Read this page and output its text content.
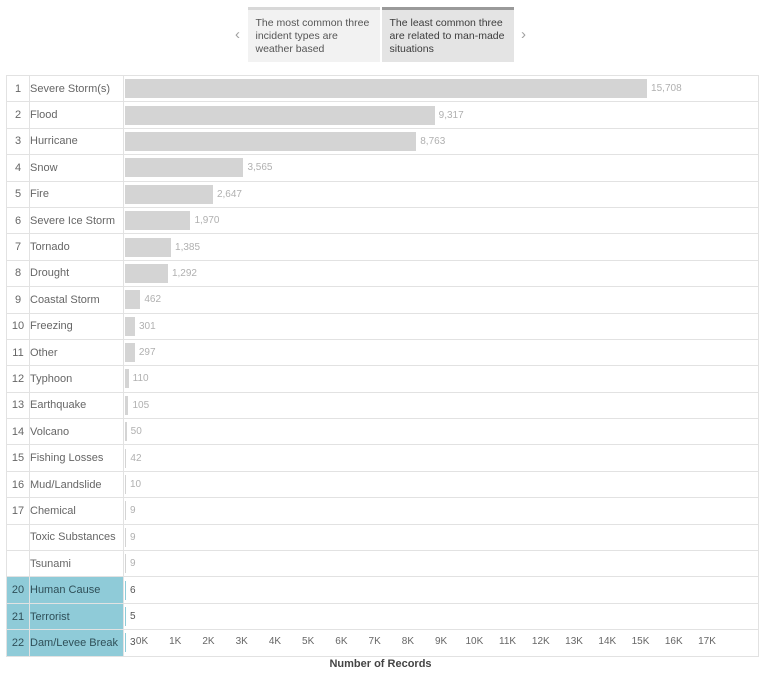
‹
The most common three incident types are weather based
The least common three are related to man-made situations
›
1	Severe Storm(s)	15,708

2	Flood	9,317

3	Hurricane	8,763

4	Snow	3,565

5	Fire	2,647

6	Severe Ice Storm	1,970

7	Tornado	1,385

8	Drought	1,292

9	Coastal Storm	462

10	Freezing	301

11	Other	297

12	Typhoon	110

13	Earthquake	105

14	Volcano	50

15	Fishing Losses	42

16	Mud/Landslide	10

17	Chemical	9

	Toxic Substances	9

	Tsunami	9

20	Human Cause	6

21	Terrorist	5

22	Dam/Levee Break	3 0K 1K 2K 3K 4K 5K 6K 7K 8K 9K 10K 11K 12K 13K 14K 15K 16K 17K
Number of Records
